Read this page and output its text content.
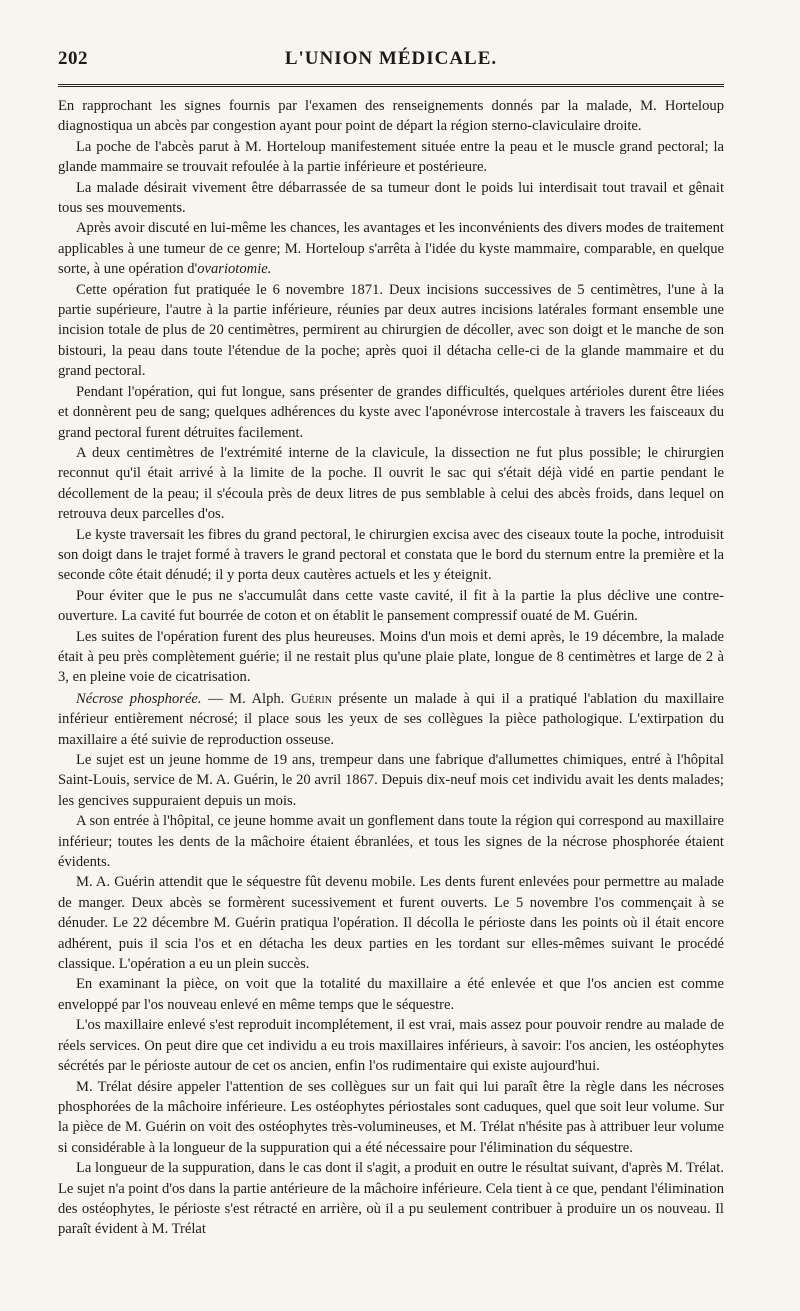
202	L'UNION MÉDICALE.

En rapprochant les signes fournis par l'examen des renseignements donnés par la malade, M. Horteloup diagnostiqua un abcès par congestion ayant pour point de départ la région sterno-claviculaire droite.

La poche de l'abcès parut à M. Horteloup manifestement située entre la peau et le muscle grand pectoral; la glande mammaire se trouvait refoulée à la partie inférieure et postérieure.

La malade désirait vivement être débarrassée de sa tumeur dont le poids lui interdisait tout travail et gênait tous ses mouvements.

Après avoir discuté en lui-même les chances, les avantages et les inconvénients des divers modes de traitement applicables à une tumeur de ce genre; M. Horteloup s'arrêta à l'idée du kyste mammaire, comparable, en quelque sorte, à une opération d'ovariotomie.

Cette opération fut pratiquée le 6 novembre 1871. Deux incisions successives de 5 centimètres, l'une à la partie supérieure, l'autre à la partie inférieure, réunies par deux autres incisions latérales formant ensemble une incision totale de plus de 20 centimètres, permirent au chirurgien de décoller, avec son doigt et le manche de son bistouri, la peau dans toute l'étendue de la poche; après quoi il détacha celle-ci de la glande mammaire et du grand pectoral.

Pendant l'opération, qui fut longue, sans présenter de grandes difficultés, quelques artérioles durent être liées et donnèrent peu de sang; quelques adhérences du kyste avec l'aponévrose intercostale à travers les faisceaux du grand pectoral furent détruites facilement.

A deux centimètres de l'extrémité interne de la clavicule, la dissection ne fut plus possible; le chirurgien reconnut qu'il était arrivé à la limite de la poche. Il ouvrit le sac qui s'était déjà vidé en partie pendant le décollement de la peau; il s'écoula près de deux litres de pus semblable à celui des abcès froids, dans lequel on retrouva deux parcelles d'os.

Le kyste traversait les fibres du grand pectoral, le chirurgien excisa avec des ciseaux toute la poche, introduisit son doigt dans le trajet formé à travers le grand pectoral et constata que le bord du sternum entre la première et la seconde côte était dénudé; il y porta deux cautères actuels et les y éteignit.

Pour éviter que le pus ne s'accumulât dans cette vaste cavité, il fit à la partie la plus déclive une contre-ouverture. La cavité fut bourrée de coton et on établit le pansement compressif ouaté de M. Guérin.

Les suites de l'opération furent des plus heureuses. Moins d'un mois et demi après, le 19 décembre, la malade était à peu près complètement guérie; il ne restait plus qu'une plaie plate, longue de 8 centimètres et large de 2 à 3, en pleine voie de cicatrisation.

Nécrose phosphorée. — M. Alph. Guérin présente un malade à qui il a pratiqué l'ablation du maxillaire inférieur entièrement nécrosé; il place sous les yeux de ses collègues la pièce pathologique. L'extirpation du maxillaire a été suivie de reproduction osseuse.

Le sujet est un jeune homme de 19 ans, trempeur dans une fabrique d'allumettes chimiques, entré à l'hôpital Saint-Louis, service de M. A. Guérin, le 20 avril 1867. Depuis dix-neuf mois cet individu avait les dents malades; les gencives suppuraient depuis un mois.

A son entrée à l'hôpital, ce jeune homme avait un gonflement dans toute la région qui correspond au maxillaire inférieur; toutes les dents de la mâchoire étaient ébranlées, et tous les signes de la nécrose phosphorée étaient évidents.

M. A. Guérin attendit que le séquestre fût devenu mobile. Les dents furent enlevées pour permettre au malade de manger. Deux abcès se formèrent sucessivement et furent ouverts. Le 5 novembre l'os commençait à se dénuder. Le 22 décembre M. Guérin pratiqua l'opération. Il décolla le périoste dans les points où il était encore adhérent, puis il scia l'os et en détacha les deux parties en les tordant sur elles-mêmes suivant le procédé classique. L'opération a eu un plein succès.

En examinant la pièce, on voit que la totalité du maxillaire a été enlevée et que l'os ancien est comme enveloppé par l'os nouveau enlevé en même temps que le séquestre.

L'os maxillaire enlevé s'est reproduit incomplétement, il est vrai, mais assez pour pouvoir rendre au malade de réels services. On peut dire que cet individu a eu trois maxillaires inférieurs, à savoir: l'os ancien, les ostéophytes sécrétés par le périoste autour de cet os ancien, enfin l'os rudimentaire qui existe aujourd'hui.

M. Trélat désire appeler l'attention de ses collègues sur un fait qui lui paraît être la règle dans les nécroses phosphorées de la mâchoire inférieure. Les ostéophytes périostales sont caduques, quel que soit leur volume. Sur la pièce de M. Guérin on voit des ostéophytes très-volumineuses, et M. Trélat n'hésite pas à attribuer leur volume si considérable à la longueur de la suppuration qui a été nécessaire pour l'élimination du séquestre.

La longueur de la suppuration, dans le cas dont il s'agit, a produit en outre le résultat suivant, d'après M. Trélat. Le sujet n'a point d'os dans la partie antérieure de la mâchoire inférieure. Cela tient à ce que, pendant l'élimination des ostéophytes, le périoste s'est rétracté en arrière, où il a pu seulement contribuer à produire un os nouveau. Il paraît évident à M. Trélat
